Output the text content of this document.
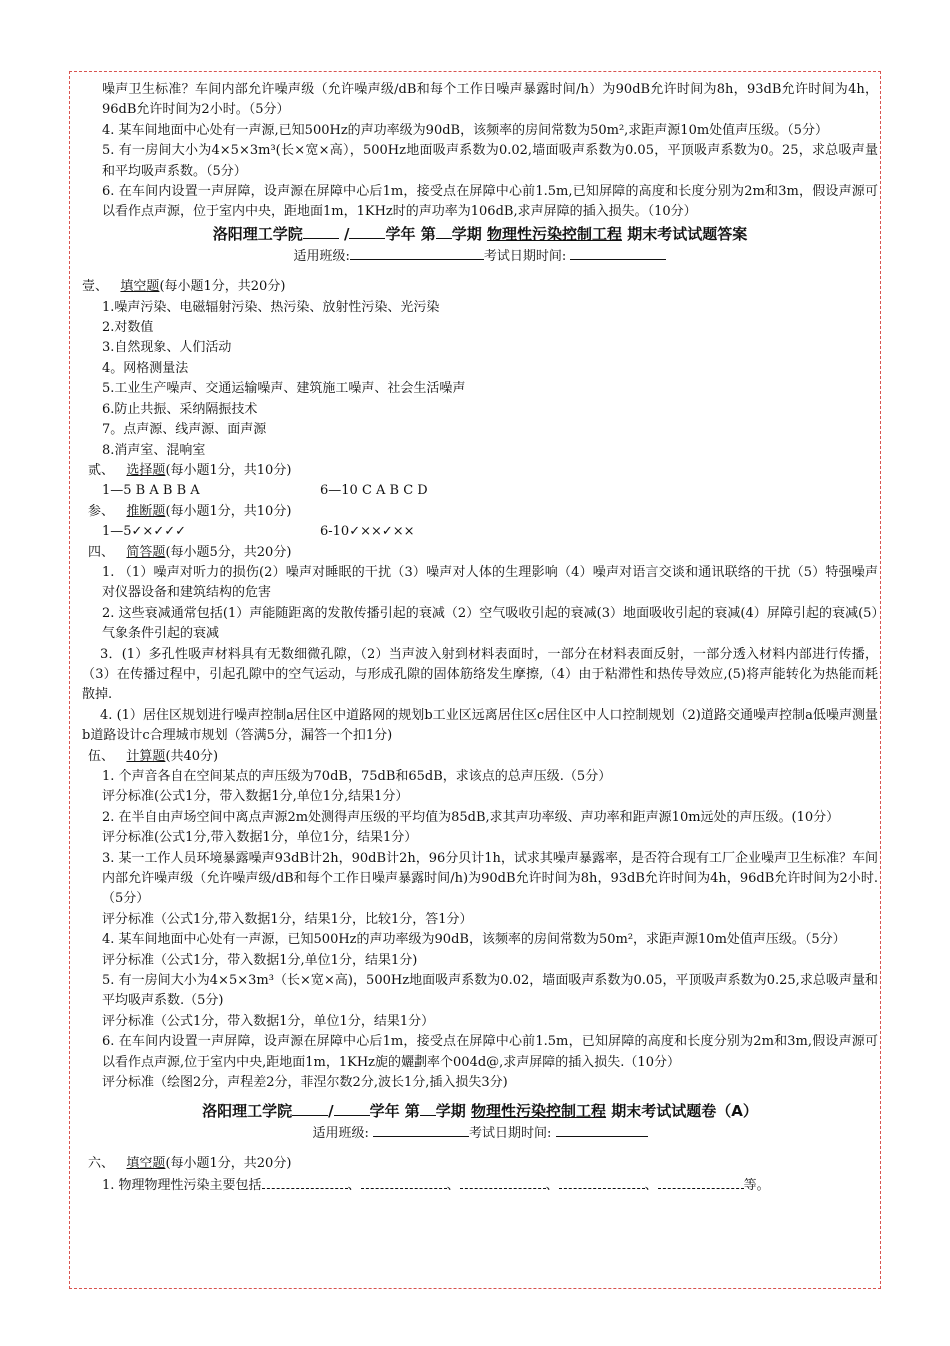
噪声卫生标准？车间内部允许噪声级（允许噪声级/dB和每个工作日噪声暴露时间/h）为90dB允许时间为8h，93dB允许时间为4h，96dB允许时间为2小时。（5分）

4. 某车间地面中心处有一声源,已知500Hz的声功率级为90dB，该频率的房间常数为50m²,求距声源10m处值声压级。（5分）

5. 有一房间大小为4×5×3m³(长×宽×高），500Hz地面吸声系数为0.02,墙面吸声系数为0.05，平顶吸声系数为0。25，求总吸声量和平均吸声系数。（5分）

6. 在车间内设置一声屏障，设声源在屏障中心后1m，接受点在屏障中心前1.5m,已知屏障的高度和长度分别为2m和3m，假设声源可以看作点声源，位于室内中央，距地面1m，1KHz时的声功率为106dB,求声屏障的插入损失。（10分）

洛阳理工学院	/ 学年 第 学期 物理性污染控制工程 期末考试试题答案

适用班级:	考试日期时间:

壹、 填空题(每小题1分，共20分)

1.噪声污染、电磁辐射污染、热污染、放射性污染、光污染

2.对数值

3.自然现象、人们活动

4。网格测量法

5.工业生产噪声、交通运输噪声、建筑施工噪声、社会生活噪声

6.防止共振、采纳隔振技术

7。点声源、线声源、面声源

8.消声室、混响室

贰、 选择题(每小题1分，共10分)

1—5 B A B B A	6—10 C A B C D

参、 推断题(每小题1分，共10分)

1—5✓×✓✓✓	6-10✓××✓××

四、 简答题(每小题5分，共20分)

1. （1）噪声对听力的损伤(2）噪声对睡眠的干扰（3）噪声对人体的生理影响（4）噪声对语言交谈和通讯联络的干扰（5）特强噪声对仪器设备和建筑结构的危害

2. 这些衰减通常包括(1）声能随距离的发散传播引起的衰减（2）空气吸收引起的衰减(3）地面吸收引起的衰减(4）屏障引起的衰减(5）气象条件引起的衰减

3．(1）多孔性吸声材料具有无数细微孔隙，（2）当声波入射到材料表面时，一部分在材料表面反射，一部分透入材料内部进行传播，（3）在传播过程中，引起孔隙中的空气运动，与形成孔隙的固体筋络发生摩擦,（4）由于粘滞性和热传导效应,(5)将声能转化为热能而耗散掉.

4. (1）居住区规划进行噪声控制a居住区中道路网的规划b工业区远离居住区c居住区中人口控制规划（2)道路交通噪声控制a低噪声测量b道路设计c合理城市规划（答满5分，漏答一个扣1分)

伍、 计算题(共40分)

1. 个声音各自在空间某点的声压级为70dB，75dB和65dB，求该点的总声压级.（5分）

评分标准(公式1分，带入数据1分,单位1分,结果1分）

2. 在半自由声场空间中离点声源2m处测得声压级的平均值为85dB,求其声功率级、声功率和距声源10m远处的声压级。(10分）

评分标准(公式1分,带入数据1分，单位1分，结果1分）

3. 某一工作人员环境暴露噪声93dB计2h，90dB计2h，96分贝计1h，试求其噪声暴露率，是否符合现有工厂企业噪声卫生标准？车间内部允许噪声级（允许噪声级/dB和每个工作日噪声暴露时间/h)为90dB允许时间为8h，93dB允许时间为4h，96dB允许时间为2小时.（5分）

评分标准（公式1分,带入数据1分，结果1分，比较1分，答1分）

4. 某车间地面中心处有一声源，已知500Hz的声功率级为90dB，该频率的房间常数为50m²，求距声源10m处值声压级。（5分）

评分标准（公式1分，带入数据1分,单位1分，结果1分)

5. 有一房间大小为4×5×3m³（长×宽×高)，500Hz地面吸声系数为0.02，墙面吸声系数为0.05，平顶吸声系数为0.25,求总吸声量和平均吸声系数.（5分)

评分标准（公式1分，带入数据1分，单位1分，结果1分）

6. 在车间内设置一声屏障，设声源在屏障中心后1m，接受点在屏障中心前1.5m，已知屏障的高度和长度分别为2m和3m,假设声源可以看作点声源,位于室内中央,距地面1m，1KHz旎的孋劃率个004d@,求声屏障的插入损失.（10分）

评分标准（绘图2分，声程差2分，菲涅尔数2分,波长1分,插入损失3分)

洛阳理工学院 / 学年 第 学期 物理性污染控制工程 期末考试试题卷（A）

适用班级:	考试日期时间:

六、 填空题(每小题1分，共20分)

1. 物理物理性污染主要包括	、	、	、	、	等。
